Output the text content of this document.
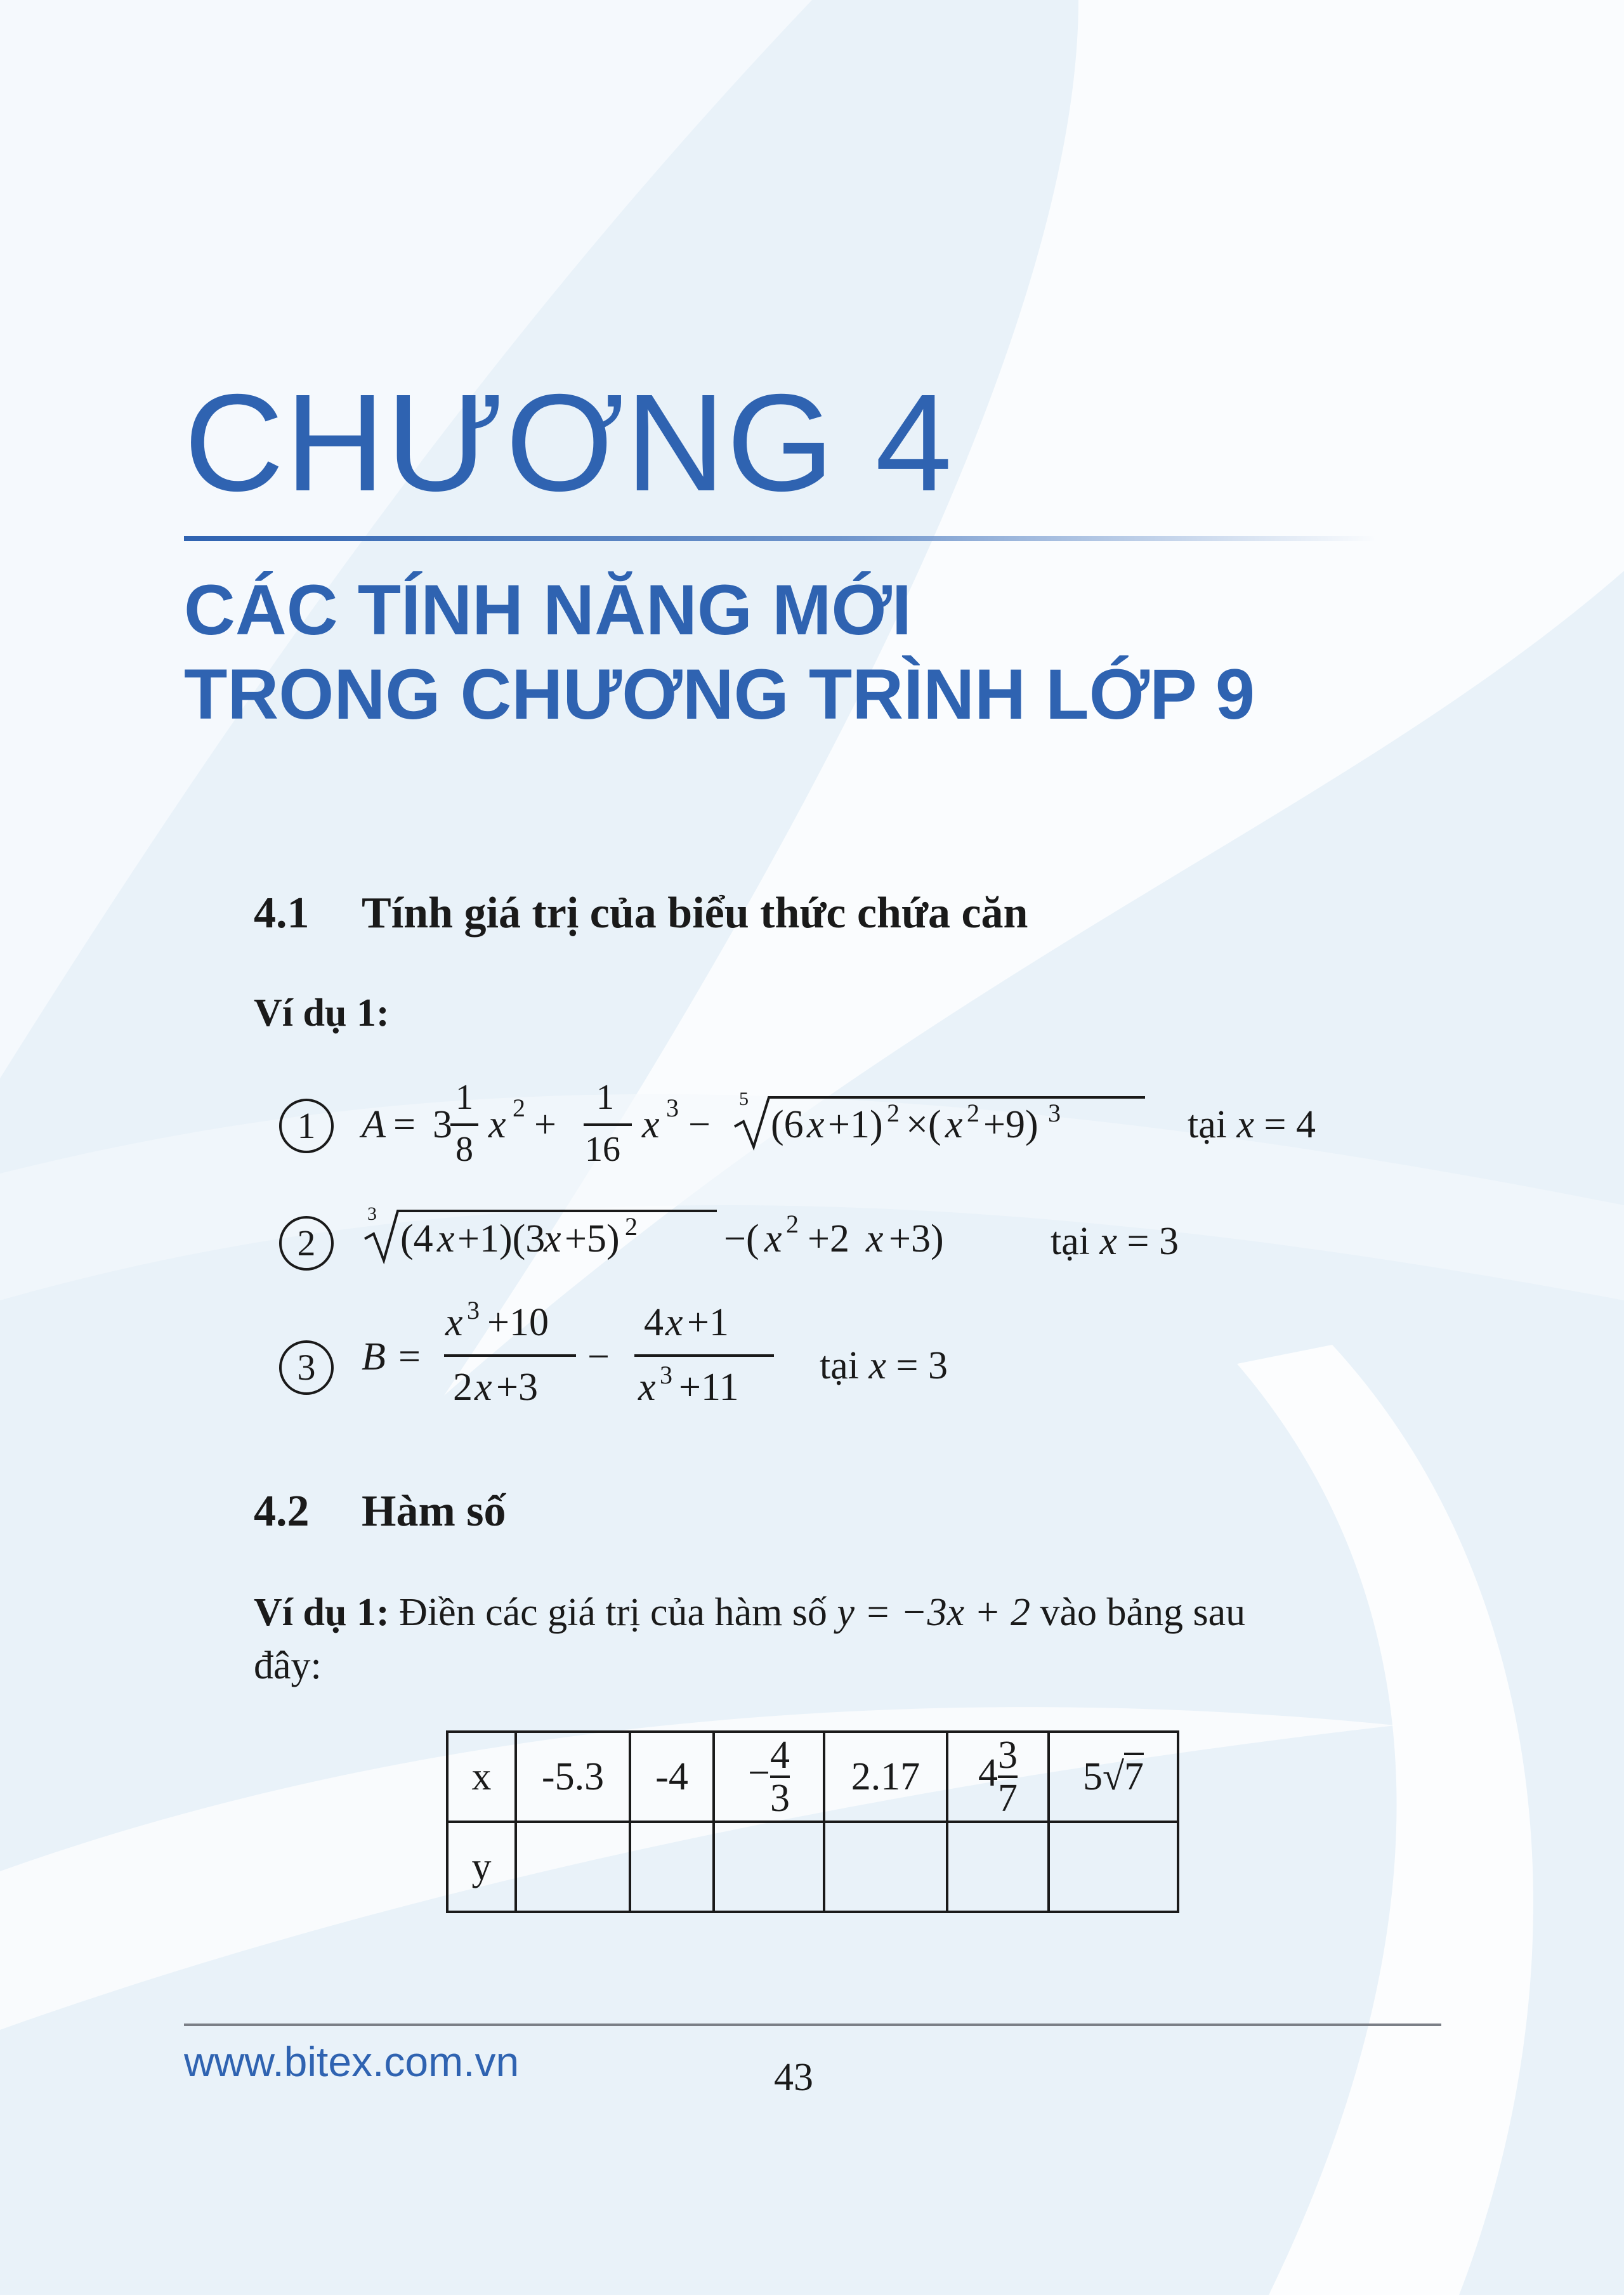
CHƯƠNG 4
CÁC TÍNH NĂNG MỚI
TRONG CHƯƠNG TRÌNH LỚP 9
4.1 Tính giá trị của biểu thức chứa căn
Ví dụ 1:
1	A = 3
1
8
x 2 +
1
16
x 3 −
5
(6 x +1) 2 ×( x 2 +9) 3	tại x = 4
2
3
(4 x +1)(3
x +5) 2 −( x 2 +2 x +3)	tại x = 3
3	B =
x 3 +10
2 x +3
−
4 x +1
x 3 +11 tại x = 3
4.2 Hàm số
Ví dụ 1: Điền các giá trị của hàm số y = −3x + 2 vào bảng sau
đây:
x	-5.3	-4	− $\frac{4}{3}$	2.17	$4 \frac{3}{7}$	5√7
y						
www.bitex.com.vn	43
